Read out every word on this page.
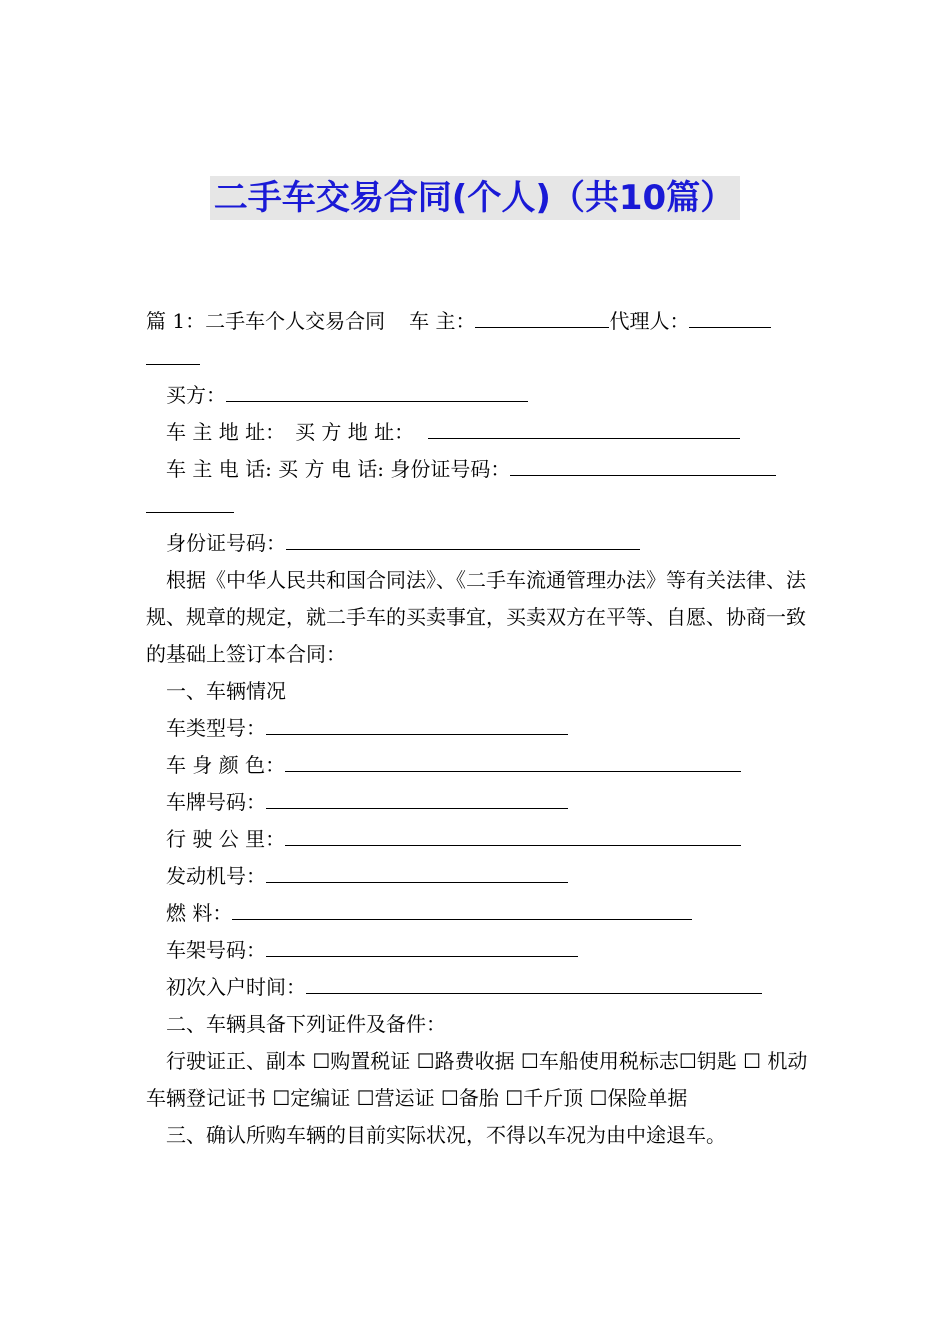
二手车交易合同(个人)（共10篇）
篇 1：二手车个人交易合同 车 主：	代理人：
买方：
车 主 地 址： 买 方 地 址：
车 主 电 话: 买 方 电 话: 身份证号码：
身份证号码：
根据《中华人民共和国合同法》、《二手车流通管理办法》等有关法律、法规、规章的规定，就二手车的买卖事宜，买卖双方在平等、自愿、协商一致的基础上签订本合同：
一、车辆情况
车类型号：
车 身 颜 色：
车牌号码：
行 驶 公 里：
发动机号：
燃 料：
车架号码：
初次入户时间：
二、车辆具备下列证件及备件：
行驶证正、副本 ☐购置税证 ☐路费收据 ☐车船使用税标志☐钥匙 ☐ 机动车辆登记证书 ☐定编证 ☐营运证 ☐备胎 ☐千斤顶 ☐保险单据
三、确认所购车辆的目前实际状况，不得以车况为由中途退车。
